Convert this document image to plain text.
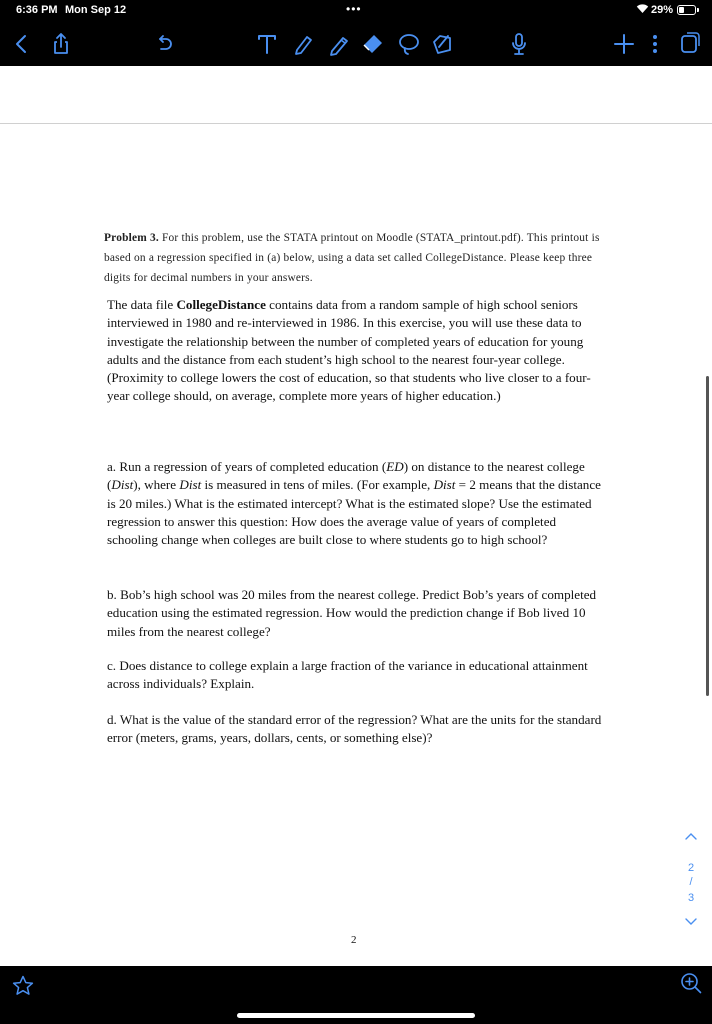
6:36 PM Mon Sep 12	•••	29%
Problem 3. For this problem, use the STATA printout on Moodle (STATA_printout.pdf). This printout is based on a regression specified in (a) below, using a data set called CollegeDistance. Please keep three digits for decimal numbers in your answers.
The data file CollegeDistance contains data from a random sample of high school seniors interviewed in 1980 and re-interviewed in 1986. In this exercise, you will use these data to investigate the relationship between the number of completed years of education for young adults and the distance from each student’s high school to the nearest four-year college. (Proximity to college lowers the cost of education, so that students who live closer to a four-year college should, on average, complete more years of higher education.)
a. Run a regression of years of completed education (ED) on distance to the nearest college (Dist), where Dist is measured in tens of miles. (For example, Dist = 2 means that the distance is 20 miles.) What is the estimated intercept? What is the estimated slope? Use the estimated regression to answer this question: How does the average value of years of completed schooling change when colleges are built close to where students go to high school?
b. Bob’s high school was 20 miles from the nearest college. Predict Bob’s years of completed education using the estimated regression. How would the prediction change if Bob lived 10 miles from the nearest college?
c. Does distance to college explain a large fraction of the variance in educational attainment across individuals? Explain.
d. What is the value of the standard error of the regression? What are the units for the standard error (meters, grams, years, dollars, cents, or something else)?
2
2
/
3
